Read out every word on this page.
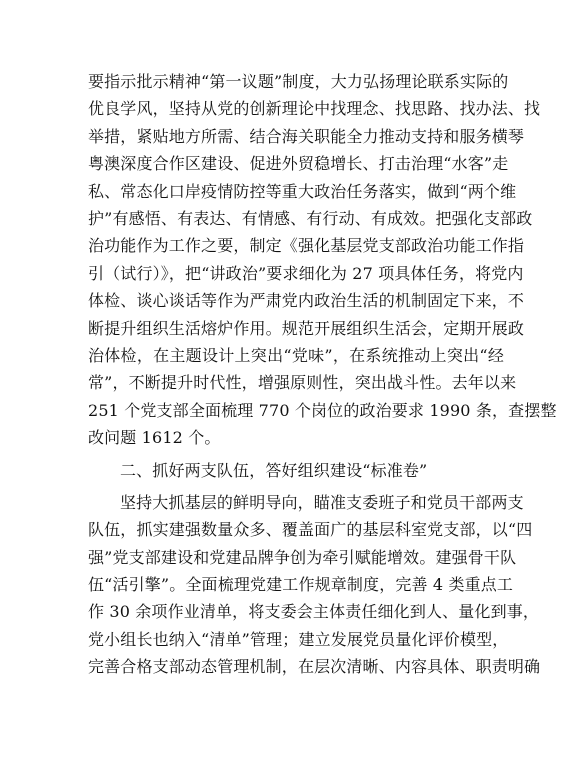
要指示批示精神“第一议题”制度，大力弘扬理论联系实际的
优良学风，坚持从党的创新理论中找理念、找思路、找办法、找
举措，紧贴地方所需、结合海关职能全力推动支持和服务横琴
粤澳深度合作区建设、促进外贸稳增长、打击治理“水客”走
私、常态化口岸疫情防控等重大政治任务落实，做到“两个维
护”有感悟、有表达、有情感、有行动、有成效。把强化支部政
治功能作为工作之要，制定《强化基层党支部政治功能工作指
引（试行）》，把“讲政治”要求细化为 27 项具体任务，将党内
体检、谈心谈话等作为严肃党内政治生活的机制固定下来，不
断提升组织生活熔炉作用。规范开展组织生活会，定期开展政
治体检，在主题设计上突出“党味”，在系统推动上突出“经
常”，不断提升时代性，增强原则性，突出战斗性。去年以来
251 个党支部全面梳理 770 个岗位的政治要求 1990 条，查摆整
改问题 1612 个。
二、抓好两支队伍，答好组织建设“标准卷”
坚持大抓基层的鲜明导向，瞄准支委班子和党员干部两支
队伍，抓实建强数量众多、覆盖面广的基层科室党支部，以“四
强”党支部建设和党建品牌争创为牵引赋能增效。建强骨干队
伍“活引擎”。全面梳理党建工作规章制度，完善 4 类重点工
作 30 余项作业清单，将支委会主体责任细化到人、量化到事，
党小组长也纳入“清单”管理；建立发展党员量化评价模型，
完善合格支部动态管理机制，在层次清晰、内容具体、职责明确
